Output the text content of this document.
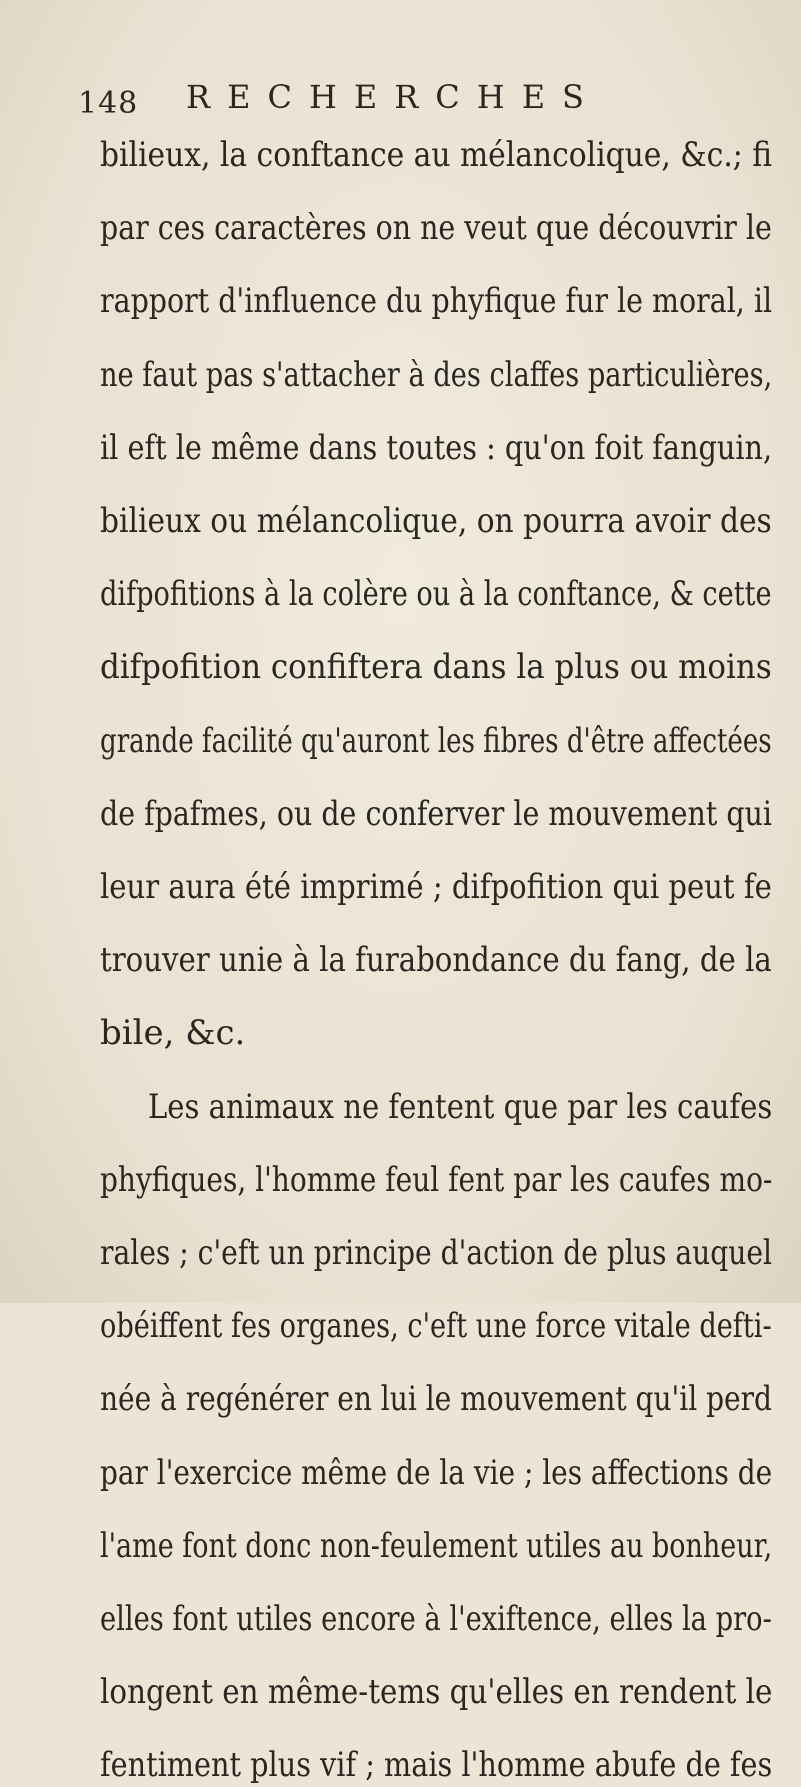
148 RECHERCHES
bilieux, la conftance au mélancolique, &c.; fi
par ces caractères on ne veut que découvrir le
rapport d'influence du phyfique fur le moral, il
ne faut pas s'attacher à des claffes particulières,
il eft le même dans toutes : qu'on foit fanguin,
bilieux ou mélancolique, on pourra avoir des
difpofitions à la colère ou à la conftance, & cette
difpofition confiftera dans la plus ou moins
grande facilité qu'auront les fibres d'être affectées
de fpafmes, ou de conferver le mouvement qui
leur aura été imprimé ; difpofition qui peut fe
trouver unie à la furabondance du fang, de la
bile, &c.
Les animaux ne fentent que par les caufes
phyfiques, l'homme feul fent par les caufes mo-
rales ; c'eft un principe d'action de plus auquel
obéiffent fes organes, c'eft une force vitale defti-
née à regénérer en lui le mouvement qu'il perd
par l'exercice même de la vie ; les affections de
l'ame font donc non-feulement utiles au bonheur,
elles font utiles encore à l'exiftence, elles la pro-
longent en même-tems qu'elles en rendent le
fentiment plus vif ; mais l'homme abufe de fes
